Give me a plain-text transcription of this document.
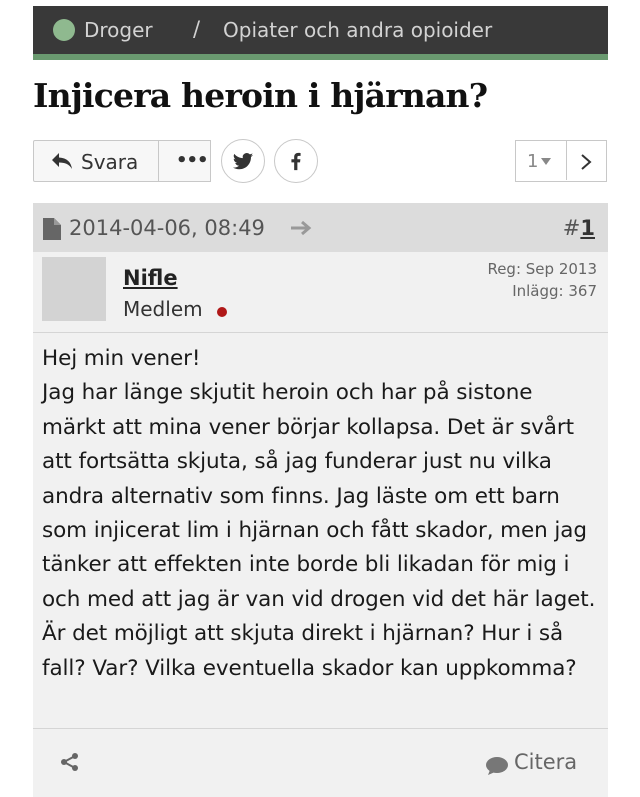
Droger / Opiater och andra opioider
Injicera heroin i hjärnan?
Svara •••	1
2014-04-06, 08:49	#1
Nifle
Medlem
Reg: Sep 2013
Inlägg: 367

Hej min vener!
Jag har länge skjutit heroin och har på sistone märkt att mina vener börjar kollapsa. Det är svårt att fortsätta skjuta, så jag funderar just nu vilka andra alternativ som finns. Jag läste om ett barn som injicerat lim i hjärnan och fått skador, men jag tänker att effekten inte borde bli likadan för mig i och med att jag är van vid drogen vid det här laget. Är det möjligt att skjuta direkt i hjärnan? Hur i så fall? Var? Vilka eventuella skador kan uppkomma?

Citera
